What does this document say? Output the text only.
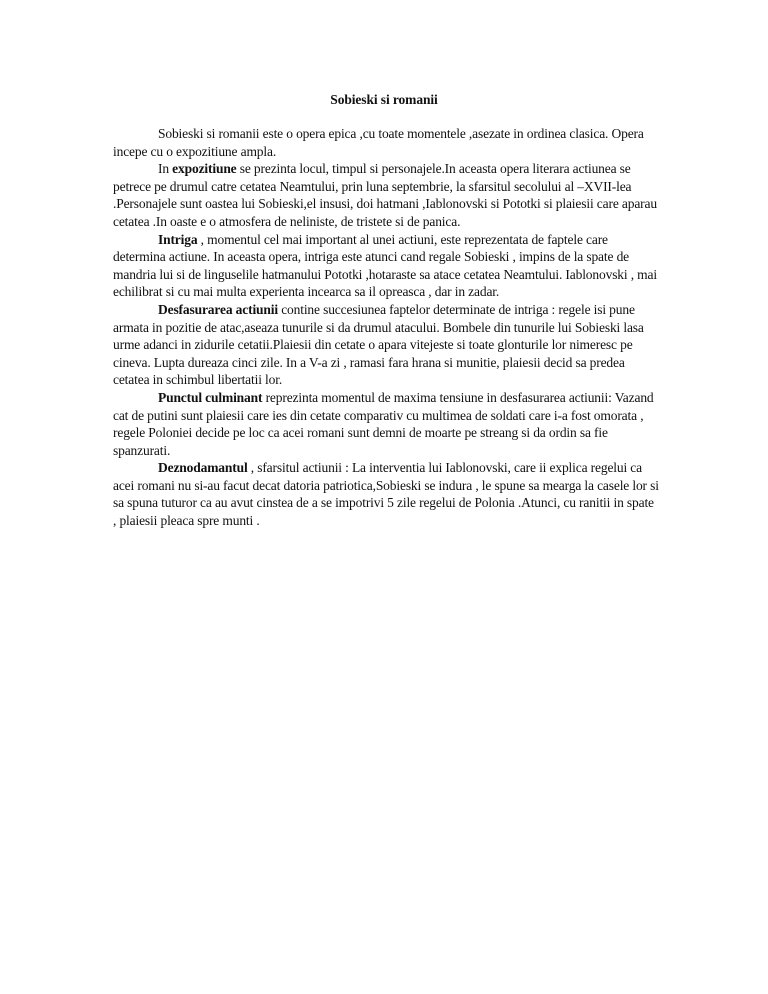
Sobieski si romanii

Sobieski si romanii este o opera epica ,cu toate momentele ,asezate in ordinea clasica. Opera incepe cu o expozitiune ampla.

In expozitiune se prezinta locul, timpul si personajele.In aceasta opera literara actiunea se petrece pe drumul catre cetatea Neamtului, prin luna septembrie, la sfarsitul secolului al –XVII-lea .Personajele sunt oastea lui Sobieski,el insusi, doi hatmani ,Iablonovski si Pototki si plaiesii care aparau cetatea .In oaste e o atmosfera de neliniste, de tristete si de panica.

Intriga , momentul cel mai important al unei actiuni, este reprezentata de faptele care determina actiune. In aceasta opera, intriga este atunci cand regale Sobieski , impins de la spate de mandria lui si de linguselile hatmanului Pototki ,hotaraste sa atace cetatea Neamtului. Iablonovski , mai echilibrat si cu mai multa experienta incearca sa il opreasca , dar in zadar.

Desfasurarea actiunii contine succesiunea faptelor determinate de intriga : regele isi pune armata in pozitie de atac,aseaza tunurile si da drumul atacului. Bombele din tunurile lui Sobieski lasa urme adanci in zidurile cetatii.Plaiesii din cetate o apara vitejeste si toate glonturile lor nimeresc pe cineva. Lupta dureaza cinci zile. In a V-a zi , ramasi fara hrana si munitie, plaiesii decid sa predea cetatea in schimbul libertatii lor.

Punctul culminant reprezinta momentul de maxima tensiune in desfasurarea actiunii: Vazand cat de putini sunt plaiesii care ies din cetate comparativ cu multimea de soldati care i-a fost omorata , regele Poloniei decide pe loc ca acei romani sunt demni de moarte pe streang si da ordin sa fie spanzurati.

Deznodamantul , sfarsitul actiunii : La interventia lui Iablonovski, care ii explica regelui ca acei romani nu si-au facut decat datoria patriotica,Sobieski se indura , le spune sa mearga la casele lor si sa spuna tuturor ca au avut cinstea de a se impotrivi 5 zile regelui de Polonia .Atunci, cu ranitii in spate , plaiesii pleaca spre munti .
